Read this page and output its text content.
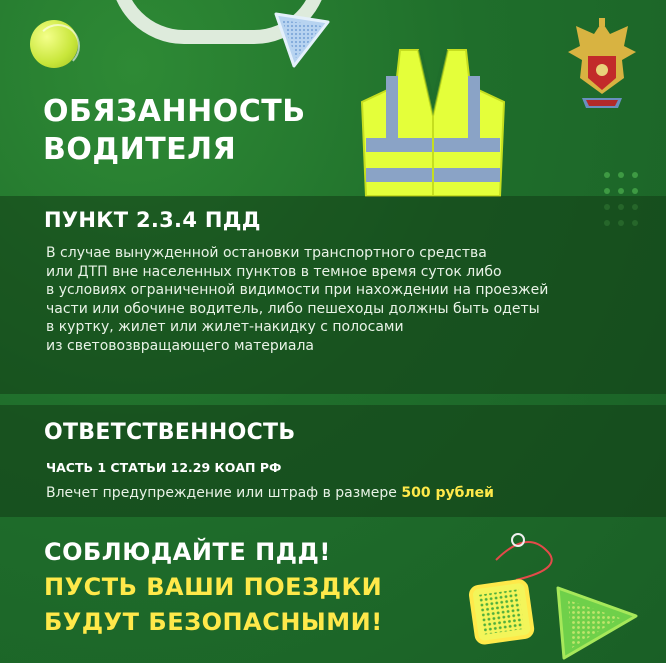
ОБЯЗАННОСТЬ
ВОДИТЕЛЯ
ПУНКТ 2.3.4 ПДД

В случае вынужденной остановки транспортного средства
или ДТП вне населенных пунктов в темное время суток либо
в условиях ограниченной видимости при нахождении на проезжей
части или обочине водитель, либо пешеходы должны быть одеты
в куртку, жилет или жилет-накидку с полосами
из световозвращающего материала

ОТВЕТСТВЕННОСТЬ

ЧАСТЬ 1 СТАТЬИ 12.29 КОАП РФ

Влечет предупреждение или штраф в размере 500 рублей

СОБЛЮДАЙТЕ ПДД!
ПУСТЬ ВАШИ ПОЕЗДКИ
БУДУТ БЕЗОПАСНЫМИ!
